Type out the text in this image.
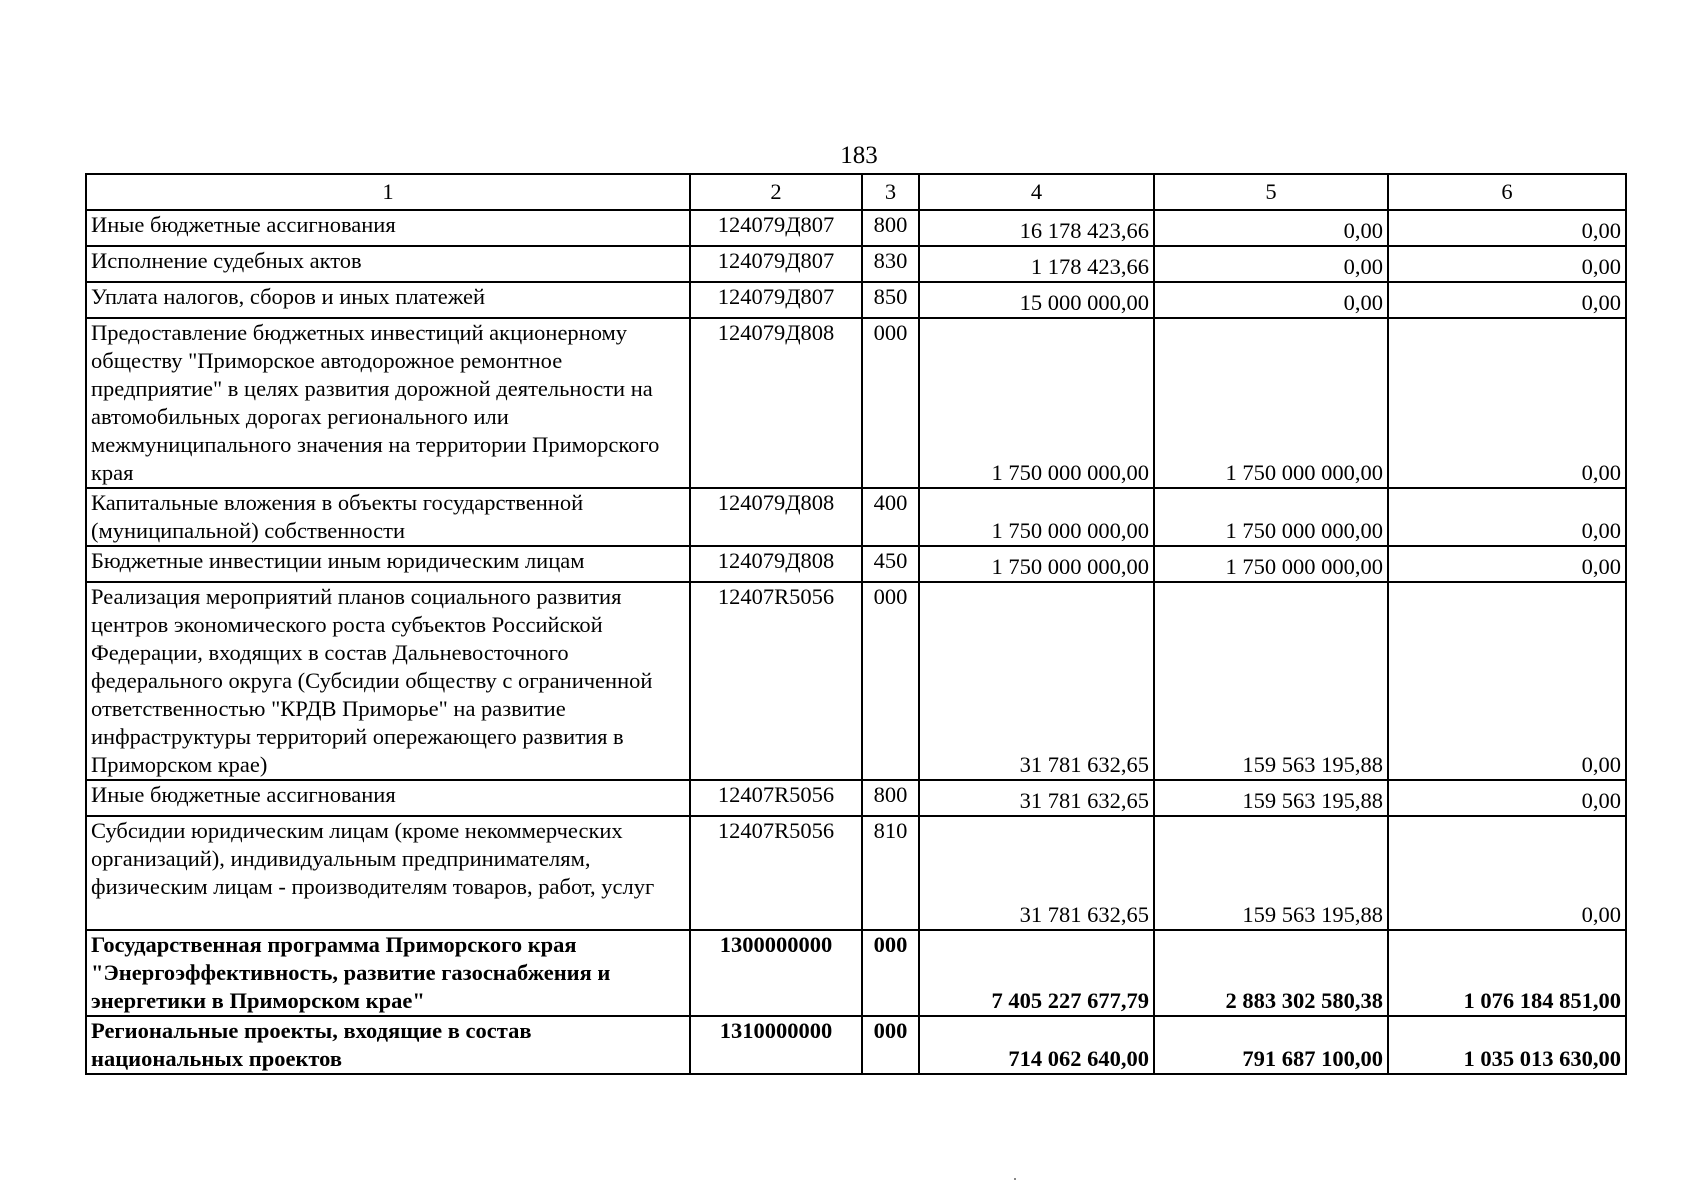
183
1	2	3	4	5	6
Иные бюджетные ассигнования	124079Д807	800	16 178 423,66	0,00	0,00
Исполнение судебных актов	124079Д807	830	1 178 423,66	0,00	0,00
Уплата налогов, сборов и иных платежей	124079Д807	850	15 000 000,00	0,00	0,00
Предоставление бюджетных инвестиций акционерному обществу "Приморское автодорожное ремонтное предприятие" в целях развития дорожной деятельности на автомобильных дорогах регионального или межмуниципального значения на территории Приморского края	124079Д808	000	1 750 000 000,00	1 750 000 000,00	0,00
Капитальные вложения в объекты государственной (муниципальной) собственности	124079Д808	400	1 750 000 000,00	1 750 000 000,00	0,00
Бюджетные инвестиции иным юридическим лицам	124079Д808	450	1 750 000 000,00	1 750 000 000,00	0,00
Реализация мероприятий планов социального развития центров экономического роста субъектов Российской Федерации, входящих в состав Дальневосточного федерального округа (Субсидии обществу с ограниченной ответственностью "КРДВ Приморье" на развитие инфраструктуры территорий опережающего развития в Приморском крае)	12407R5056	000	31 781 632,65	159 563 195,88	0,00
Иные бюджетные ассигнования	12407R5056	800	31 781 632,65	159 563 195,88	0,00
Субсидии юридическим лицам (кроме некоммерческих организаций), индивидуальным предпринимателям, физическим лицам - производителям товаров, работ, услуг	12407R5056	810	31 781 632,65	159 563 195,88	0,00
Государственная программа Приморского края "Энергоэффективность, развитие газоснабжения и энергетики в Приморском крае"	1300000000	000	7 405 227 677,79	2 883 302 580,38	1 076 184 851,00
Региональные проекты, входящие в состав национальных проектов	1310000000	000	714 062 640,00	791 687 100,00	1 035 013 630,00
